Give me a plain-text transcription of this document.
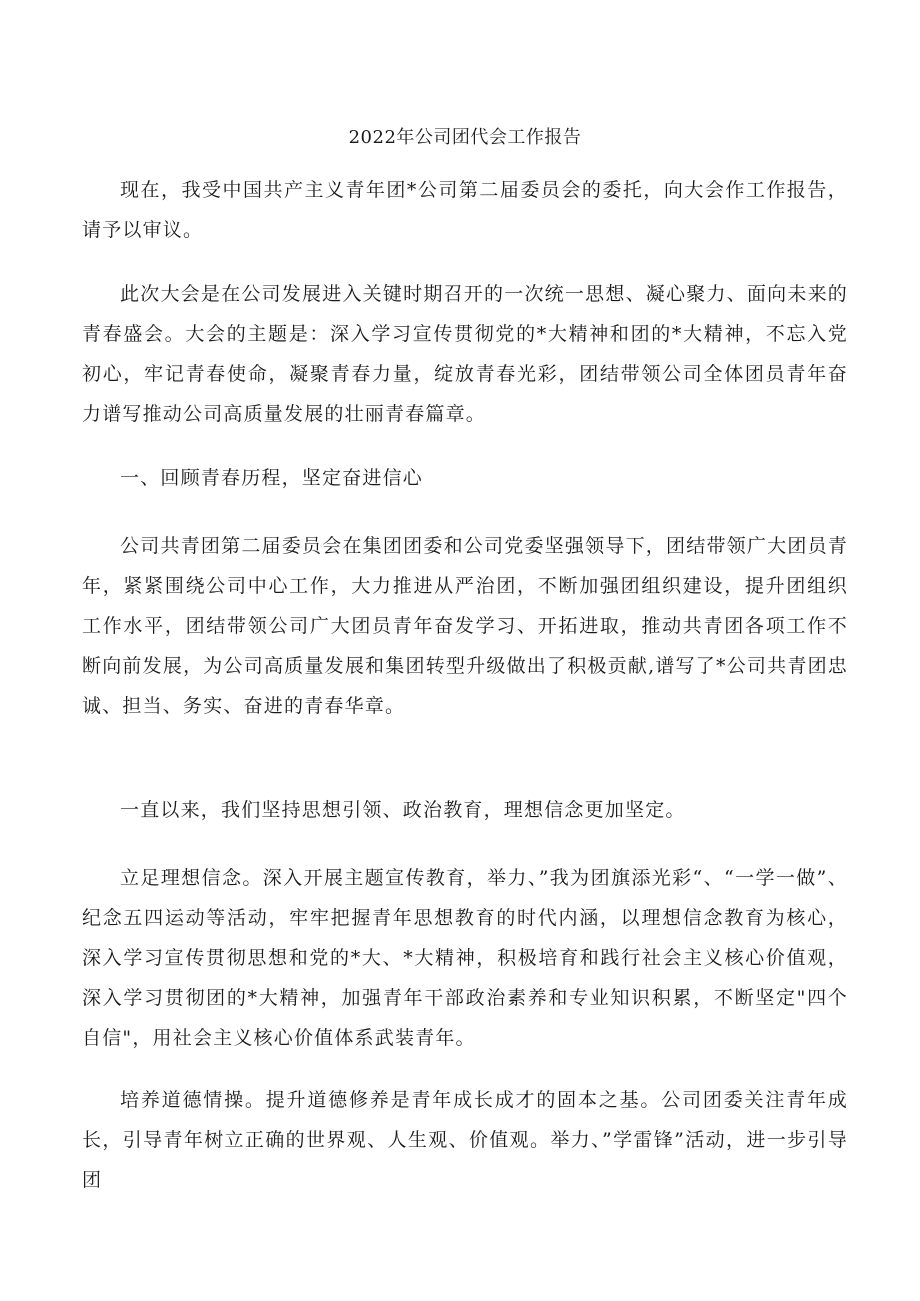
2022年公司团代会工作报告

现在，我受中国共产主义青年团*公司第二届委员会的委托，向大会作工作报告，请予以审议。

此次大会是在公司发展进入关键时期召开的一次统一思想、凝心聚力、面向未来的青春盛会。大会的主题是：深入学习宣传贯彻党的*大精神和团的*大精神，不忘入党初心，牢记青春使命，凝聚青春力量，绽放青春光彩，团结带领公司全体团员青年奋力谱写推动公司高质量发展的壮丽青春篇章。

一、回顾青春历程，坚定奋进信心

公司共青团第二届委员会在集团团委和公司党委坚强领导下，团结带领广大团员青年，紧紧围绕公司中心工作，大力推进从严治团，不断加强团组织建设，提升团组织工作水平，团结带领公司广大团员青年奋发学习、开拓进取，推动共青团各项工作不断向前发展，为公司高质量发展和集团转型升级做出了积极贡献,谱写了*公司共青团忠诚、担当、务实、奋进的青春华章。

一直以来，我们坚持思想引领、政治教育，理想信念更加坚定。

立足理想信念。深入开展主题宣传教育，举力、”我为团旗添光彩“、“一学一做”、纪念五四运动等活动，牢牢把握青年思想教育的时代内涵，以理想信念教育为核心，深入学习宣传贯彻思想和党的*大、*大精神，积极培育和践行社会主义核心价值观，深入学习贯彻团的*大精神，加强青年干部政治素养和专业知识积累，不断坚定"四个自信"，用社会主义核心价值体系武装青年。

培养道德情操。提升道德修养是青年成长成才的固本之基。公司团委关注青年成长，引导青年树立正确的世界观、人生观、价值观。举力、”学雷锋”活动，进一步引导团
